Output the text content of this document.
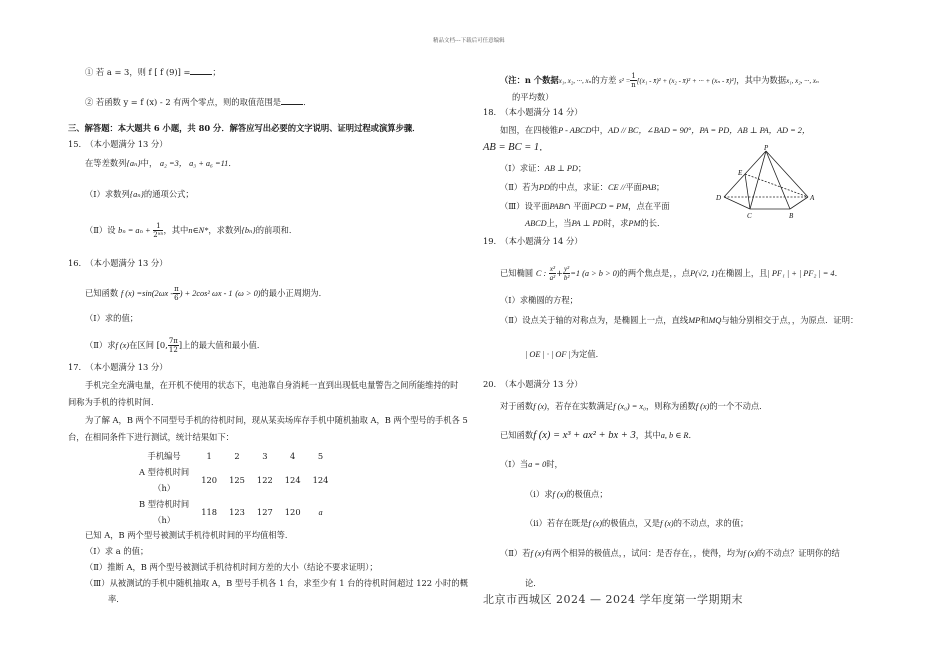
精品文档---下载后可任意编辑
① 若 a = 3，则 f [ f (9)] =	；
② 若函数 y = f (x) - 2 有两个零点，则的取值范围是	．
三、解答题：本大题共 6 小题，共 80 分．解答应写出必要的文字说明、证明过程或演算步骤．
15.　（本小题满分 13 分）
在等差数列{aₙ}中， a₂ =3， a₃ + a₆ =11．
（Ⅰ）求数列{aₙ}的通项公式；
（Ⅱ）设 $b_n = a_n + \frac{1}{\text{2ᵃⁿ}}$ ，其中n∈N*，求数列{bₙ}的前项和．
16.　（本小题满分 13 分）
已知函数 f $(x) =\sin(2\omega x - \frac{\pi}{6}$ ) + 2cos² ωx - 1 (ω > 0)的最小正周期为．
（Ⅰ）求的值；
（Ⅱ）求f (x)在区间 [0, $\frac{7\pi}{12}$ ]上的最大值和最小值．
17.　（本小题满分 13 分）
手机完全充满电量，在开机不使用的状态下，电池靠自身消耗一直到出现低电量警告之间所能维持的时
间称为手机的待机时间．
为了解 A，B 两个不同型号手机的待机时间，现从某卖场库存手机中随机抽取 A，B 两个型号的手机各 5
台，在相同条件下进行测试，统计结果如下：
手机编号	1	2	3	4	5
A 型待机时间
（h）	120	125	122	124	124
B 型待机时间
（h）	118	123	127	120	a
已知 A，B 两个型号被测试手机待机时间的平均值相等．
（Ⅰ）求 a 的值；
（Ⅱ）推断 A，B 两个型号被测试手机待机时间方差的大小（结论不要求证明）；
（Ⅲ）从被测试的手机中随机抽取 A，B 型号手机各 1 台，求至少有 1 台的待机时间超过 122 小时的概
率．
（注：n 个数据x₁, x₂, ···, xₙ的方差 $s^2 = \frac{1}{n} [(x_1$ - x̄)² + (x₂ - x̄)² + ··· + (xₙ - x̄)²]，其中为数据x₁, x₂, ···, xₙ
的平均数）
18.　（本小题满分 14 分）
如图，在四棱锥P - ABCD中，AD // BC，∠BAD = 90°，PA = PD，AB ⊥ PA，AD = 2，
AB = BC = 1．
（Ⅰ）求证：AB ⊥ PD；
（Ⅱ）若为PD的中点，求证：CE //平面PAB；
（Ⅲ）设平面PAB∩ 平面PCD = PM，点在平面
ABCD上，当PA ⊥ PD时，求PM的长．
P
E
D	A
C	B
19.　（本小题满分 14 分）
已知椭圆 C : $\frac{\text{x²}}{\text{a²}} + \frac{\text{y²}}{\text{b²}} =1$ (a > b > 0)的两个焦点是，，点P(√2, 1)在椭圆上，且| PF₁ | + | PF₂ | = 4．
（Ⅰ）求椭圆的方程；
（Ⅱ）设点关于轴的对称点为，是椭圆上一点，直线MP和MQ与轴分别相交于点，，为原点．证明：
| OE | · | OF |为定值．
20.　（本小题满分 13 分）
对于函数f (x)，若存在实数满足f (x₀) = x₀，则称为函数f (x)的一个不动点．
已知函数f (x) = x³ + ax² + bx + 3，其中a, b ∈ R．
（Ⅰ）当a = 0时，
（ⅰ）求f (x)的极值点；
（ⅱ）若存在既是f (x)的极值点，又是f (x)的不动点，求的值；
（Ⅱ）若f (x)有两个相异的极值点，，试问：是否存在，，使得，均为f (x)的不动点？证明你的结
论．
北京市西城区 2024 — 2024 学年度第一学期期末
